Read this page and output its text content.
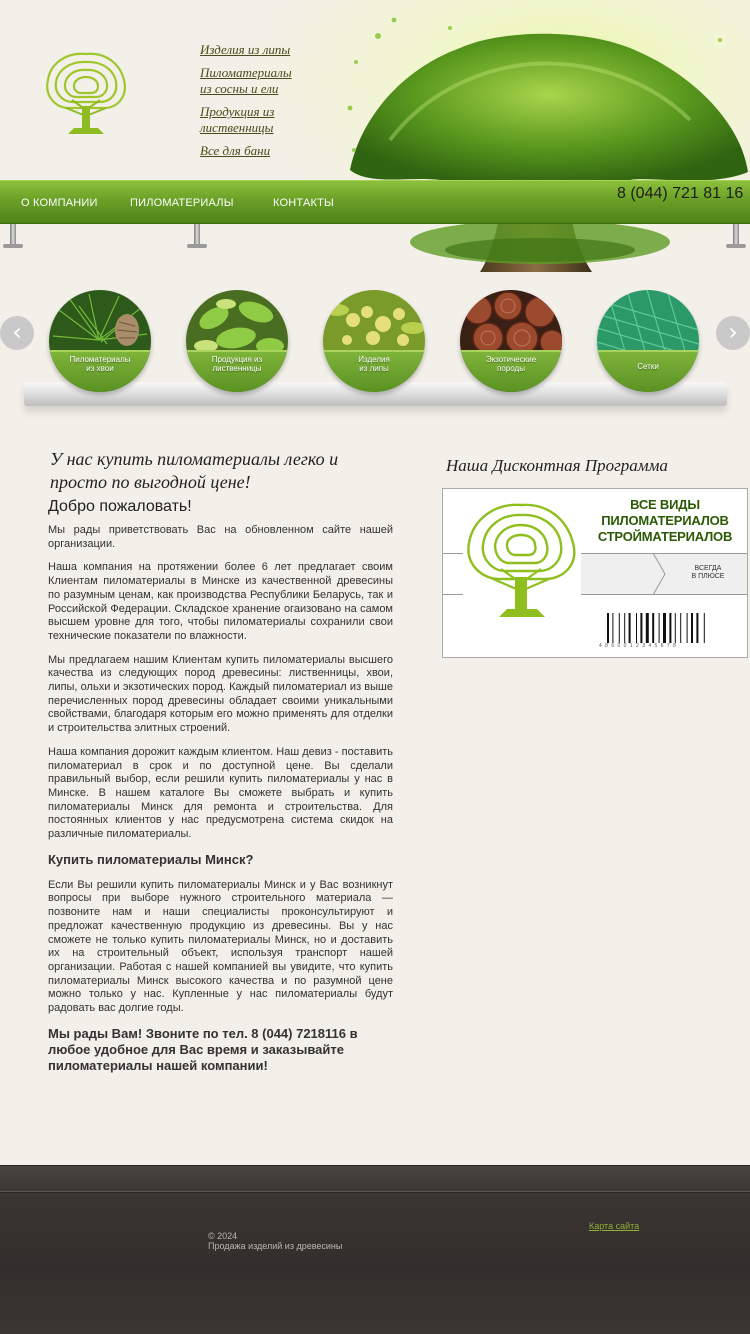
Изделия из липы
Пиломатериалы
из сосны и ели
Продукция из
лиственницы
Все для бани
О КОМПАНИИ	ПИЛОМАТЕРИАЛЫ	КОНТАКТЫ
8 (044) 721 81 16
‹	›
Пиломатериалы
из хвои
Продукция из
лиственницы
Изделия
из липы
Экзотические
породы	Сетки
У нас купить пиломатериалы легко и просто по выгодной цене!
Добро пожаловать!

Мы рады приветствовать Вас на обновленном сайте нашей организации.

Наша компания на протяжении более 6 лет предлагает своим Клиентам пиломатериалы в Минске из качественной древесины по разумным ценам, как производства Республики Беларусь, так и Российской Федерации. Складское хранение огаизовано на самом высшем уровне для того, чтобы пиломатериалы сохранили свои технические показатели по влажности.

Мы предлагаем нашим Клиентам купить пиломатериалы высшего качества из следующих пород древесины: лиственницы, хвои, липы, ольхи и экзотических пород. Каждый пиломатериал из выше перечисленных пород древесины обладает своими уникальными свойствами, благодаря которым его можно применять для отделки и строительства элитных строений.

Наша компания дорожит каждым клиентом. Наш девиз - поставить пиломатериал в срок и по доступной цене. Вы сделали правильный выбор, если решили купить пиломатериалы у нас в Минске. В нашем каталоге Вы сможете выбрать и купить пиломатериалы Минск для ремонта и строительства. Для постоянных клиентов у нас предусмотрена система скидок на различные пиломатериалы.

Купить пиломатериалы Минск?

Если Вы решили купить пиломатериалы Минск и у Вас возникнут вопросы при выборе нужного строительного материала — позвоните нам и наши специалисты проконсультируют и предложат качественную продукцию из древесины. Вы у нас сможете не только купить пиломатериалы Минск, но и доставить их на строительный объект, используя транспорт нашей организации. Работая с нашей компанией вы увидите, что купить пиломатериалы Минск высокого качества и по разумной цене можно только у нас. Купленные у нас пиломатериалы будут радовать вас долгие годы.

Мы рады Вам! Звоните по тел. 8 (044) 7218116 в любое удобное для Вас время и заказывайте пиломатериалы нашей компании!
Наша Дисконтная Программа
ВСЕ ВИДЫ
ПИЛОМАТЕРИАЛОВ
СТРОЙМАТЕРИАЛОВ
ВСЕГДА
В ПЛЮСЕ
4 8 6 0 0 1 2 3 4 5 6 7 8
Карта сайта
© 2024
Продажа изделий из древесины
